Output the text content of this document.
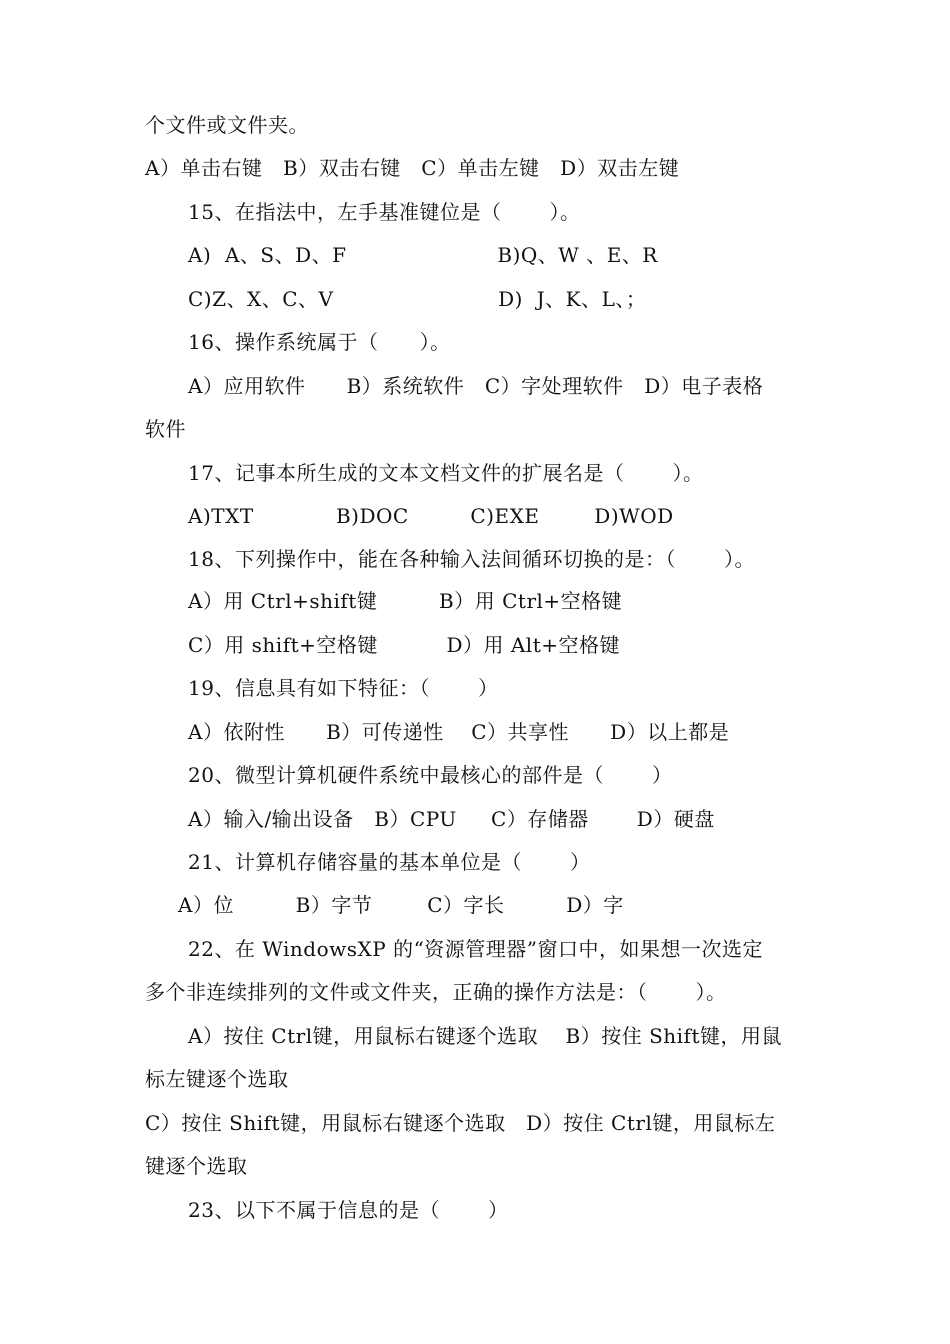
个文件或文件夹。
A）单击右键   B）双击右键   C）单击左键   D）双击左键
15、在指法中，左手基准键位是（       ）。
A)  A、S、D、F                      B)Q、W 、E、R
C)Z、X、C、V                        D)  J、K、L、；
16、操作系统属于（      ）。
A）应用软件      B）系统软件   C）字处理软件   D）电子表格
软件
17、记事本所生成的文本文档文件的扩展名是（       ）。
A)TXT            B)DOC         C)EXE        D)WOD
18、下列操作中，能在各种输入法间循环切换的是：（       ）。
A）用 Ctrl+shift键         B）用 Ctrl+空格键
C）用 shift+空格键          D）用 Alt+空格键
19、信息具有如下特征：（       ）
A）依附性      B）可传递性    C）共享性      D）以上都是
20、微型计算机硬件系统中最核心的部件是（       ）
A）输入/输出设备   B）CPU     C）存储器       D）硬盘
21、计算机存储容量的基本单位是（       ）
A）位         B）字节        C）字长         D）字
22、在 WindowsXP 的“资源管理器”窗口中，如果想一次选定
多个非连续排列的文件或文件夹，正确的操作方法是：（       ）。
A）按住 Ctrl键，用鼠标右键逐个选取    B）按住 Shift键，用鼠
标左键逐个选取
C）按住 Shift键，用鼠标右键逐个选取   D）按住 Ctrl键，用鼠标左
键逐个选取
23、以下不属于信息的是（       ）
